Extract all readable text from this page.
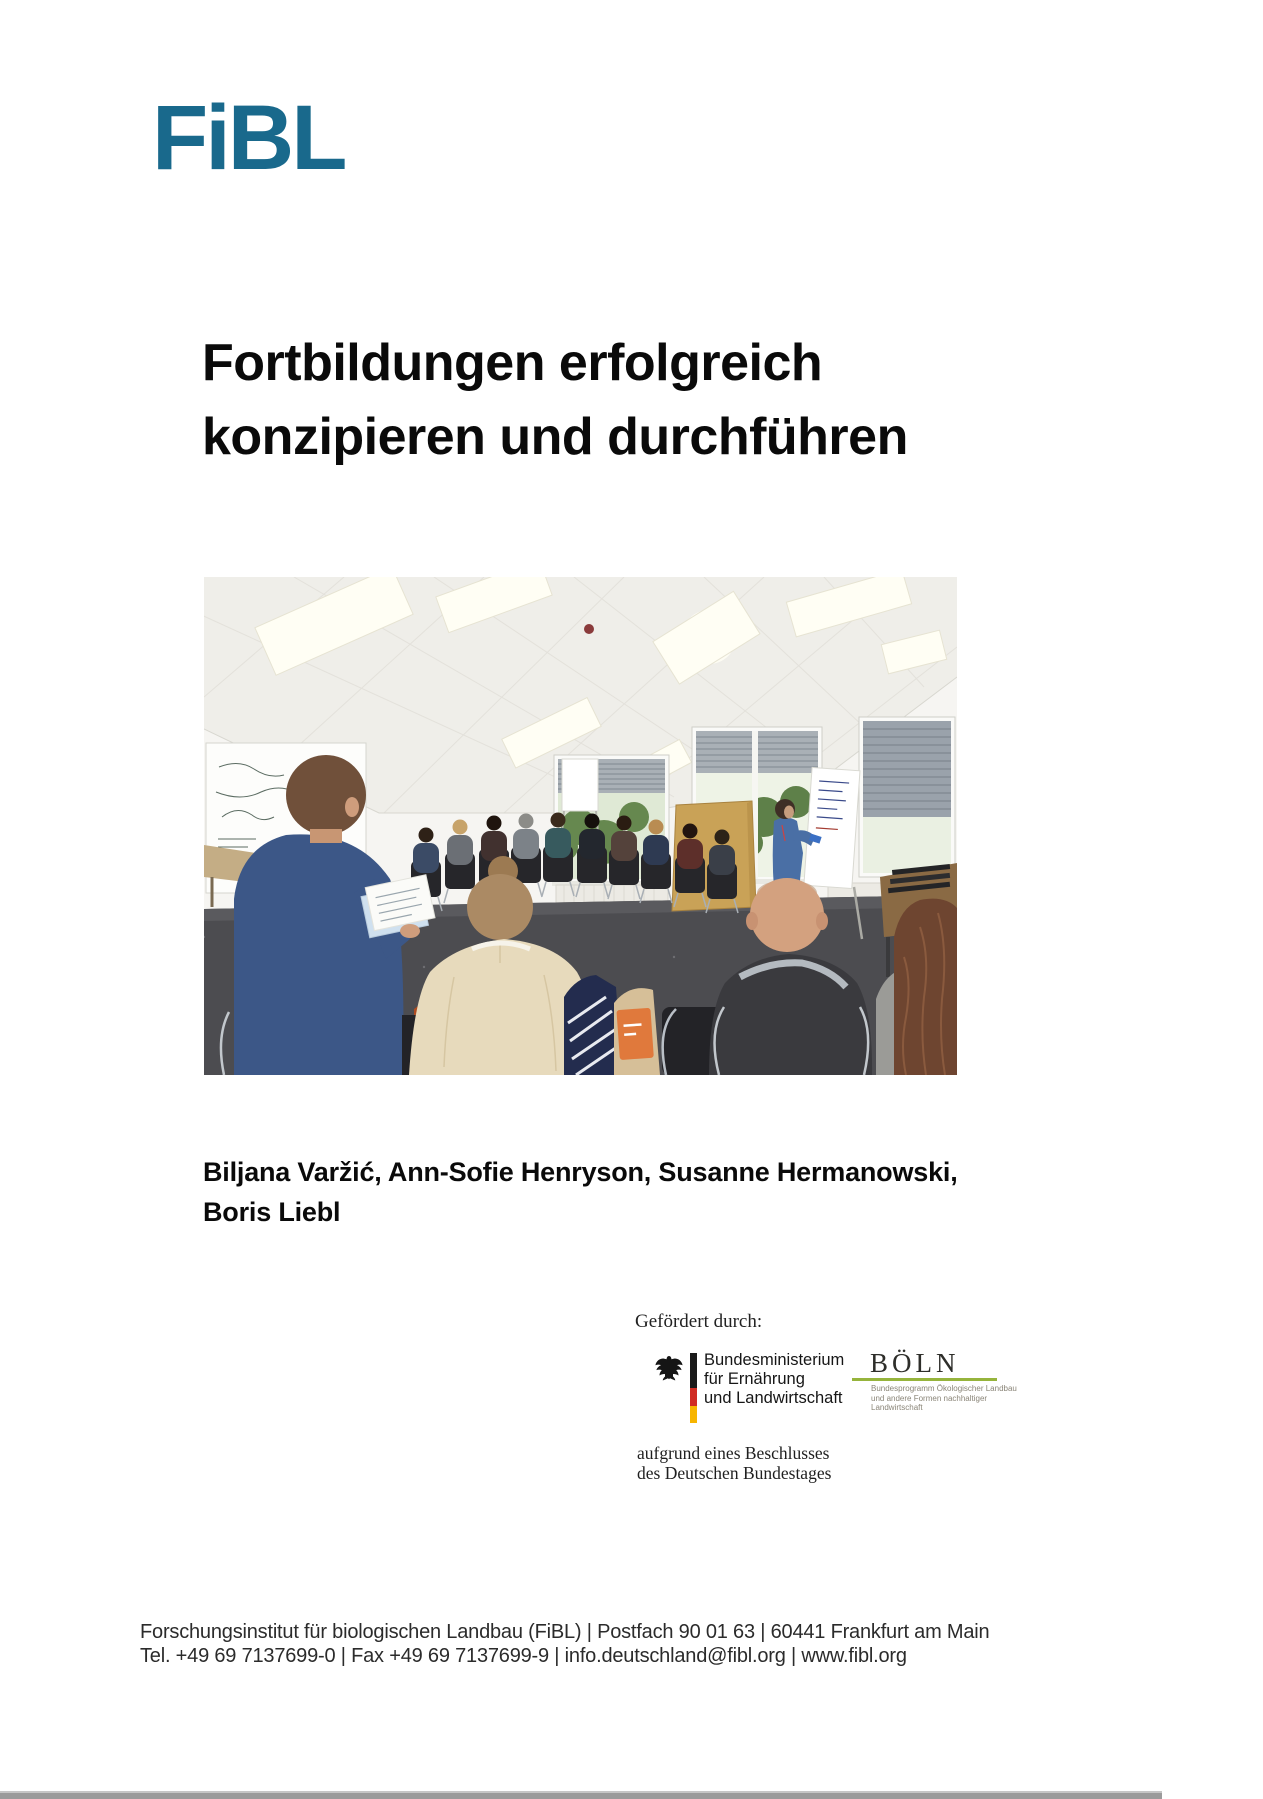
FiBL
Fortbildungen erfolgreich
konzipieren und durchführen
Biljana Varžić, Ann-Sofie Henryson, Susanne Hermanowski,
Boris Liebl
Gefördert durch:
Bundesministerium
für Ernährung
und Landwirtschaft
BÖLN
Bundesprogramm Ökologischer Landbau
und andere Formen nachhaltiger
Landwirtschaft
aufgrund eines Beschlusses
des Deutschen Bundestages
Forschungsinstitut für biologischen Landbau (FiBL) | Postfach 90 01 63 | 60441 Frankfurt am Main
Tel. +49 69 7137699-0 | Fax +49 69 7137699-9 | info.deutschland@fibl.org | www.fibl.org
